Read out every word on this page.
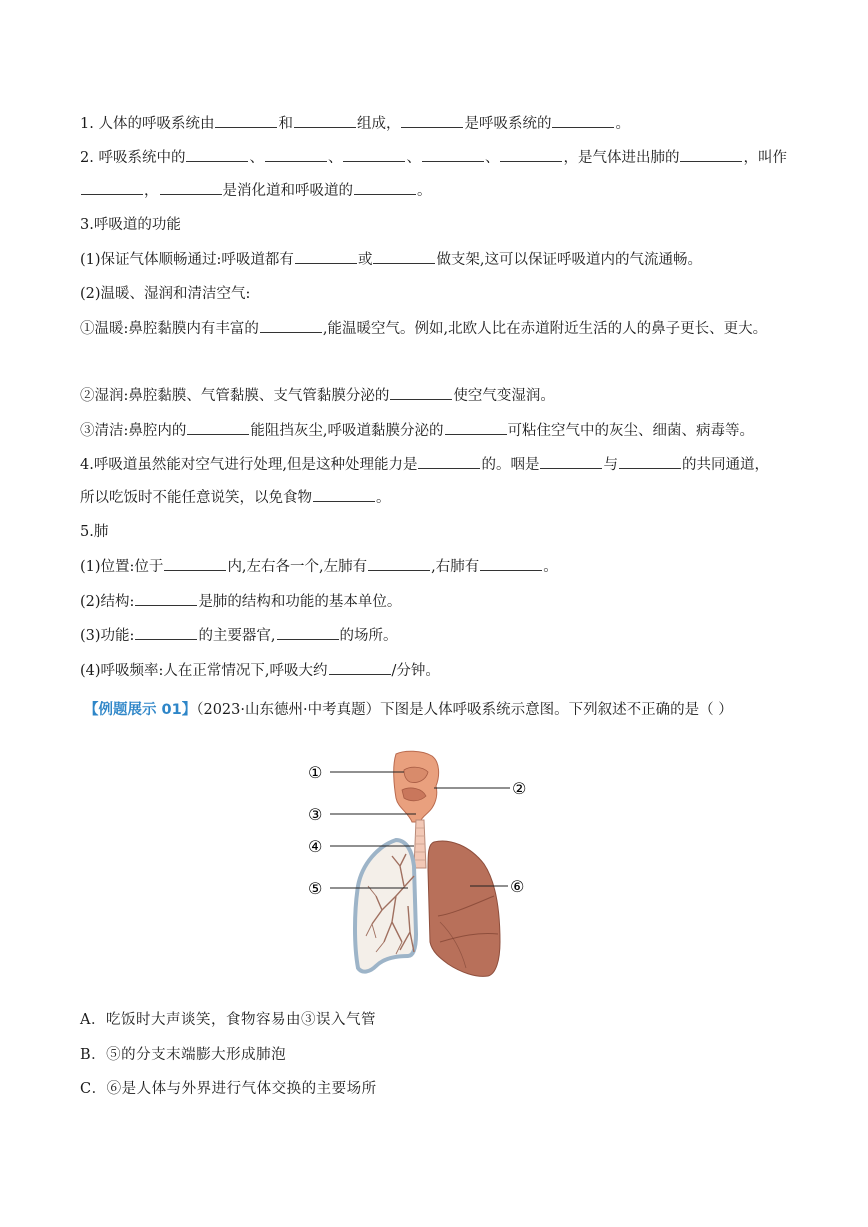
1. 人体的呼吸系统由	和	组成，	是呼吸系统的	。
2. 呼吸系统中的	、	、	、	、	，是气体进出肺的	，叫作
，	是消化道和呼吸道的	。
3.呼吸道的功能
(1)保证气体顺畅通过:呼吸道都有	或	做支架,这可以保证呼吸道内的气流通畅。
(2)温暖、湿润和清洁空气:
①温暖:鼻腔黏膜内有丰富的	,能温暖空气。例如,北欧人比在赤道附近生活的人的鼻子更长、更大。
②湿润:鼻腔黏膜、气管黏膜、支气管黏膜分泌的	使空气变湿润。
③清洁:鼻腔内的	能阻挡灰尘,呼吸道黏膜分泌的	可粘住空气中的灰尘、细菌、病毒等。
4.呼吸道虽然能对空气进行处理,但是这种处理能力是	的。咽是	与	的共同通道，
所以吃饭时不能任意说笑，以免食物	。
5.肺
(1)位置:位于	内,左右各一个,左肺有	,右肺有	。
(2)结构:	是肺的结构和功能的基本单位。
(3)功能:	的主要器官,	的场所。
(4)呼吸频率:人在正常情况下,呼吸大约	/分钟。
【例题展示 01】（2023·山东德州·中考真题）下图是人体呼吸系统示意图。下列叙述不正确的是（ ）
①
②
③
④
⑤	⑥
A．吃饭时大声谈笑，食物容易由③误入气管
B．⑤的分支末端膨大形成肺泡
C．⑥是人体与外界进行气体交换的主要场所
